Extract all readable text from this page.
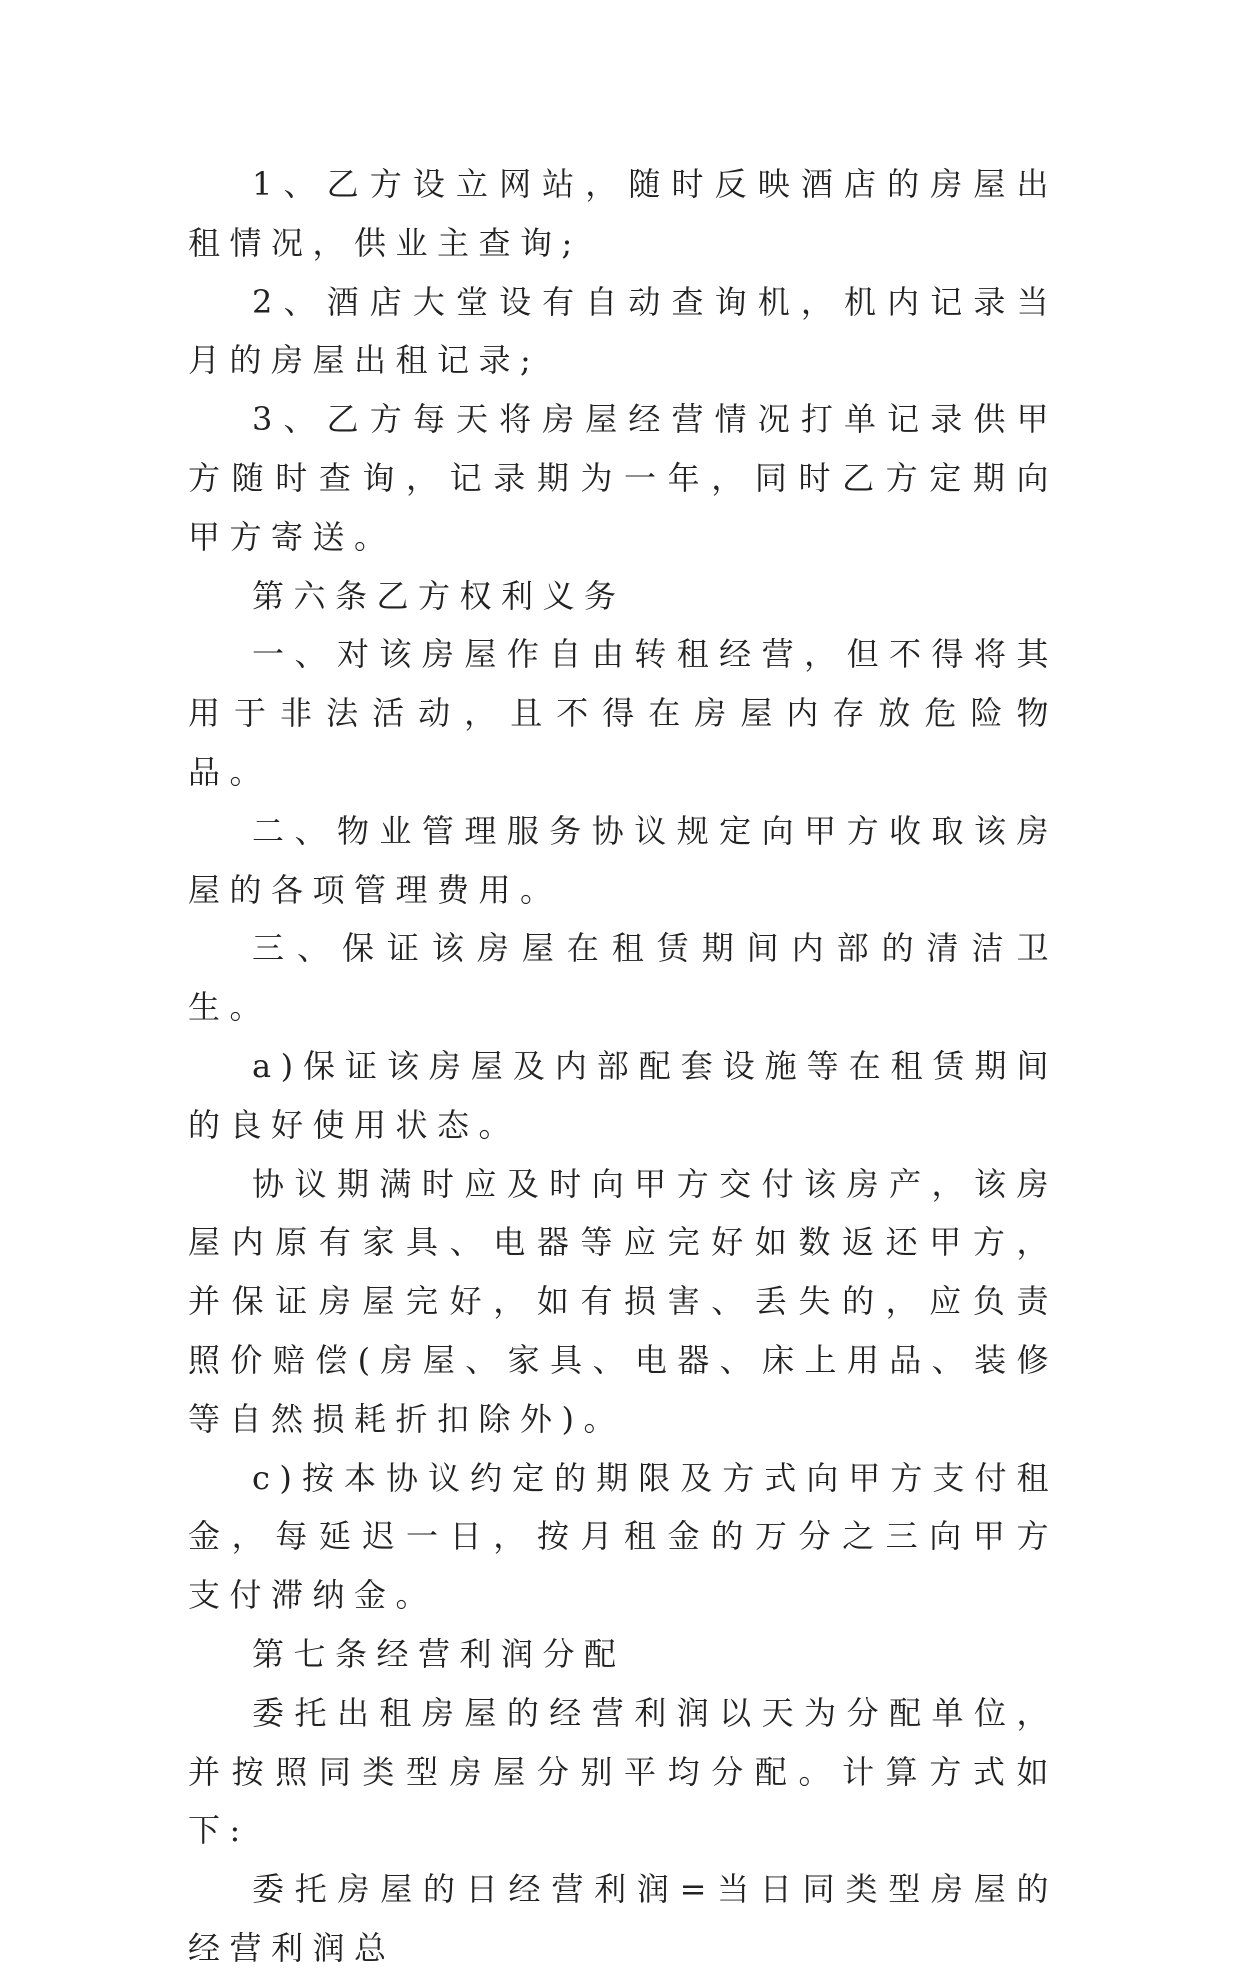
1、乙方设立网站，随时反映酒店的房屋出租情况，供业主查询;

2、酒店大堂设有自动查询机，机内记录当月的房屋出租记录;

3、乙方每天将房屋经营情况打单记录供甲方随时查询，记录期为一年，同时乙方定期向甲方寄送。

第六条乙方权利义务

一、对该房屋作自由转租经营，但不得将其用于非法活动，且不得在房屋内存放危险物品。

二、物业管理服务协议规定向甲方收取该房屋的各项管理费用。

三、保证该房屋在租赁期间内部的清洁卫生。

a)保证该房屋及内部配套设施等在租赁期间的良好使用状态。

协议期满时应及时向甲方交付该房产，该房屋内原有家具、电器等应完好如数返还甲方，并保证房屋完好，如有损害、丢失的，应负责照价赔偿(房屋、家具、电器、床上用品、装修等自然损耗折扣除外)。

c)按本协议约定的期限及方式向甲方支付租金，每延迟一日，按月租金的万分之三向甲方支付滞纳金。

第七条经营利润分配

委托出租房屋的经营利润以天为分配单位，并按照同类型房屋分别平均分配。计算方式如下:

委托房屋的日经营利润=当日同类型房屋的经营利润总
